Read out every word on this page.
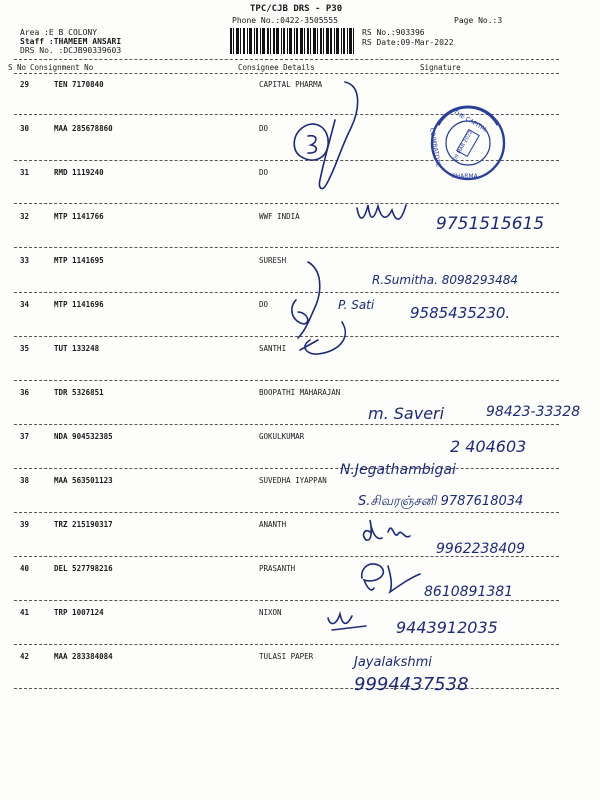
TPC/CJB DRS - P30
Phone No.:0422-3505555	Page No.:3
Area :E B COLONY
Staff :THAMEEM ANSARI
DRS No. :DCJB90339603
RS No.:903396
RS Date:09-Mar-2022
S No Consignment No	Consignee Details	Signature
29	TEN 7170840	CAPITAL PHARMA
30	MAA 285678860	DO
31	RMD 1119240	DO
32	MTP 1141766	WWF INDIA
33	MTP 1141695	SURESH
34	MTP 1141696	DO
35	TUT 133248	SANTHI
36	TDR 5326851	BOOPATHI MAHARAJAN
37	NDA 904532385	GOKULKUMAR
38	MAA 563501123	SUVEDHA IYAPPAN
39	TRZ 215190317	ANANTH
40	DEL 527798216	PRASANTH
41	TRP 1007124	NIXON
42	MAA 283384084	TULASI PAPER
THE CAPITAL
COIMBATORE
PHARMA
09 MAR 2022
9751515615
R.Sumitha. 8098293484
P. Sati 9585435230.
m. Saveri	98423-33328
2 404603
N.Jegathambigai
S.சிவரஞ்சனி 9787618034
9962238409
8610891381
9443912035
Jayalakshmi
9994437538
